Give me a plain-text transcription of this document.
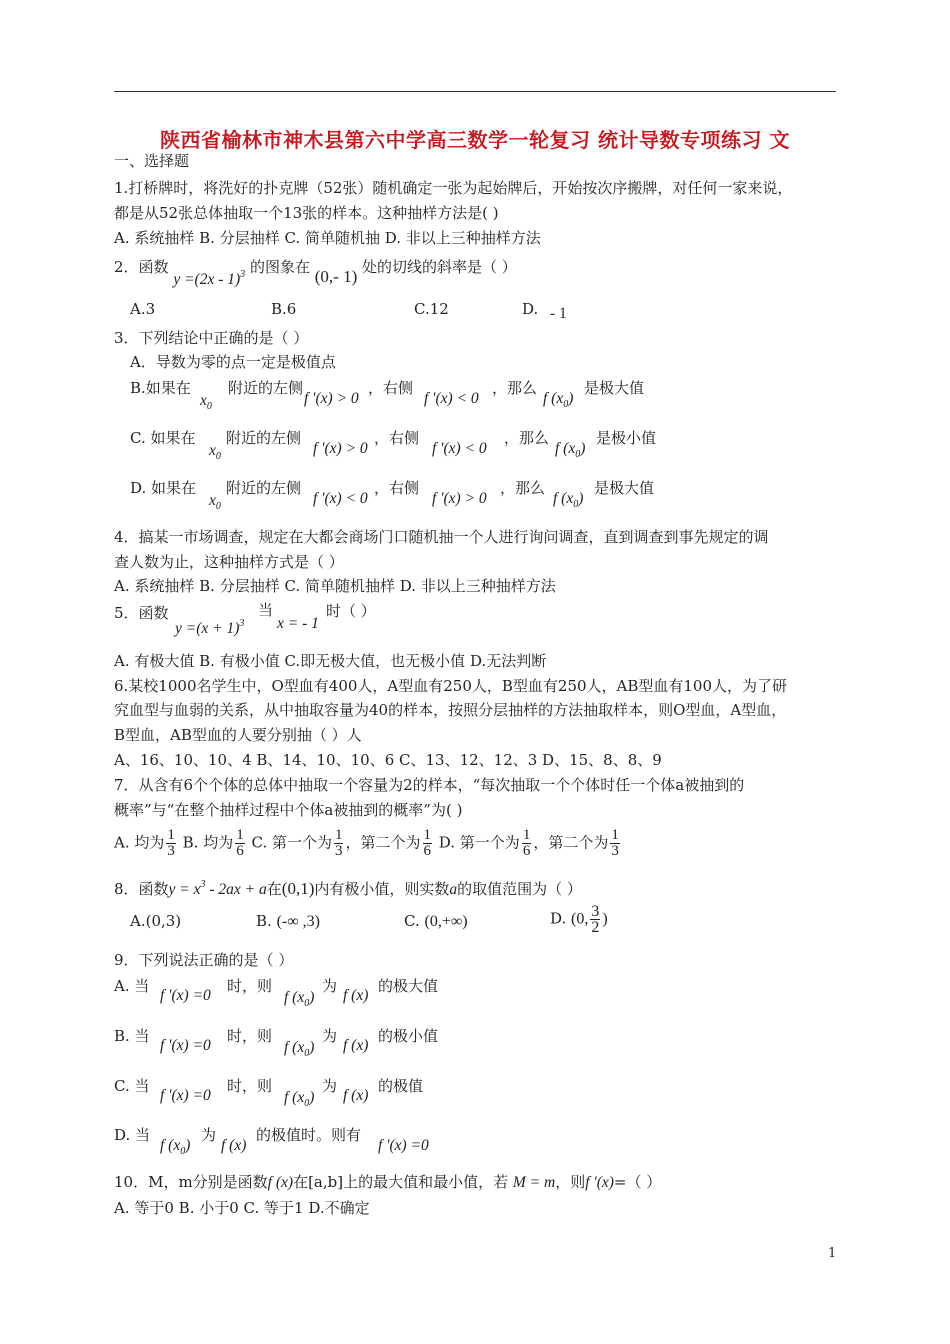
陕西省榆林市神木县第六中学高三数学一轮复习 统计导数专项练习 文
一、选择题
1.打桥牌时，将洗好的扑克牌（52张）随机确定一张为起始牌后，开始按次序搬牌，对任何一家来说，
都是从52张总体抽取一个13张的样本。这种抽样方法是( )
A. 系统抽样 B. 分层抽样 C. 简单随机抽 D. 非以上三种抽样方法
2．函数 y =(2x - 1)$^3$ 的图象在 (0,- 1) 处的切线的斜率是（ ）
A.3	B.6	C.12	D. - 1
3．下列结论中正确的是（ ）
A．导数为零的点一定是极值点
B.如果在
$x_0$
附近的左侧
f '(x) > 0
，右侧
f '(x) < 0
，那么
f $(x_0)$
是极大值
C. 如果在
$x_0$
附近的左侧
f '(x) > 0
，右侧
f '(x) < 0
，那么
f $(x_0)$
是极小值
D. 如果在
$x_0$
附近的左侧
f '(x) < 0
，右侧
f '(x) > 0
，那么
f $(x_0)$
是极大值
4．搞某一市场调查，规定在大都会商场门口随机抽一个人进行询问调查，直到调查到事先规定的调
查人数为止，这种抽样方式是（ ）
A. 系统抽样 B. 分层抽样 C. 简单随机抽样 D. 非以上三种抽样方法
5．函数
$y =(x + 1)^3$
当
x = - 1
时（ ）
A. 有极大值 B. 有极小值 C.即无极大值，也无极小值 D.无法判断
6.某校1000名学生中，O型血有400人，A型血有250人，B型血有250人，AB型血有100人，为了研
究血型与血弱的关系，从中抽取容量为40的样本，按照分层抽样的方法抽取样本，则O型血，A型血，
B型血，AB型血的人要分别抽（ ）人
A、16、10、10、4 B、14、10、10、6 C、13、12、12、3 D、15、8、8、9
7．从含有6个个体的总体中抽取一个容量为2的样本，“每次抽取一个个体时任一个体a被抽到的
概率”与“在整个抽样过程中个体a被抽到的概率”为( )
A. 均为 $\frac{1}{3} B$. 均为 $\frac{1}{6} C$. 第一个为 $\frac{1}{3}$ ，第二个为 $\frac{1}{6} D$. 第一个为 $\frac{1}{6}$ ，第二个为 $\frac{1}{3}$
8．函数$y = x^3 - 2ax + a$在(0,1)内有极小值，则实数a的取值范围为（ ）
A.(0,3)	B. (-∞ ,3)	C. (0,+∞)	D. (0, $\frac{3}{2}$ )
9．下列说法正确的是（ ）
A. 当
f '(x) =0
时，则
f $(x_0)$
为
f (x)
的极大值
B. 当
f '(x) =0
时，则
f $(x_0)$
为
f (x)
的极小值
C. 当
f '(x) =0
时，则
f $(x_0)$
为
f (x)
的极值
D. 当
f $(x_0)$
为
f (x)
的极值时。则有
f '(x) =0
10．M，m分别是函数f (x)在[a,b]上的最大值和最小值，若 M = m，则f '(x)=（ ）
A. 等于0 B. 小于0 C. 等于1 D.不确定
1
